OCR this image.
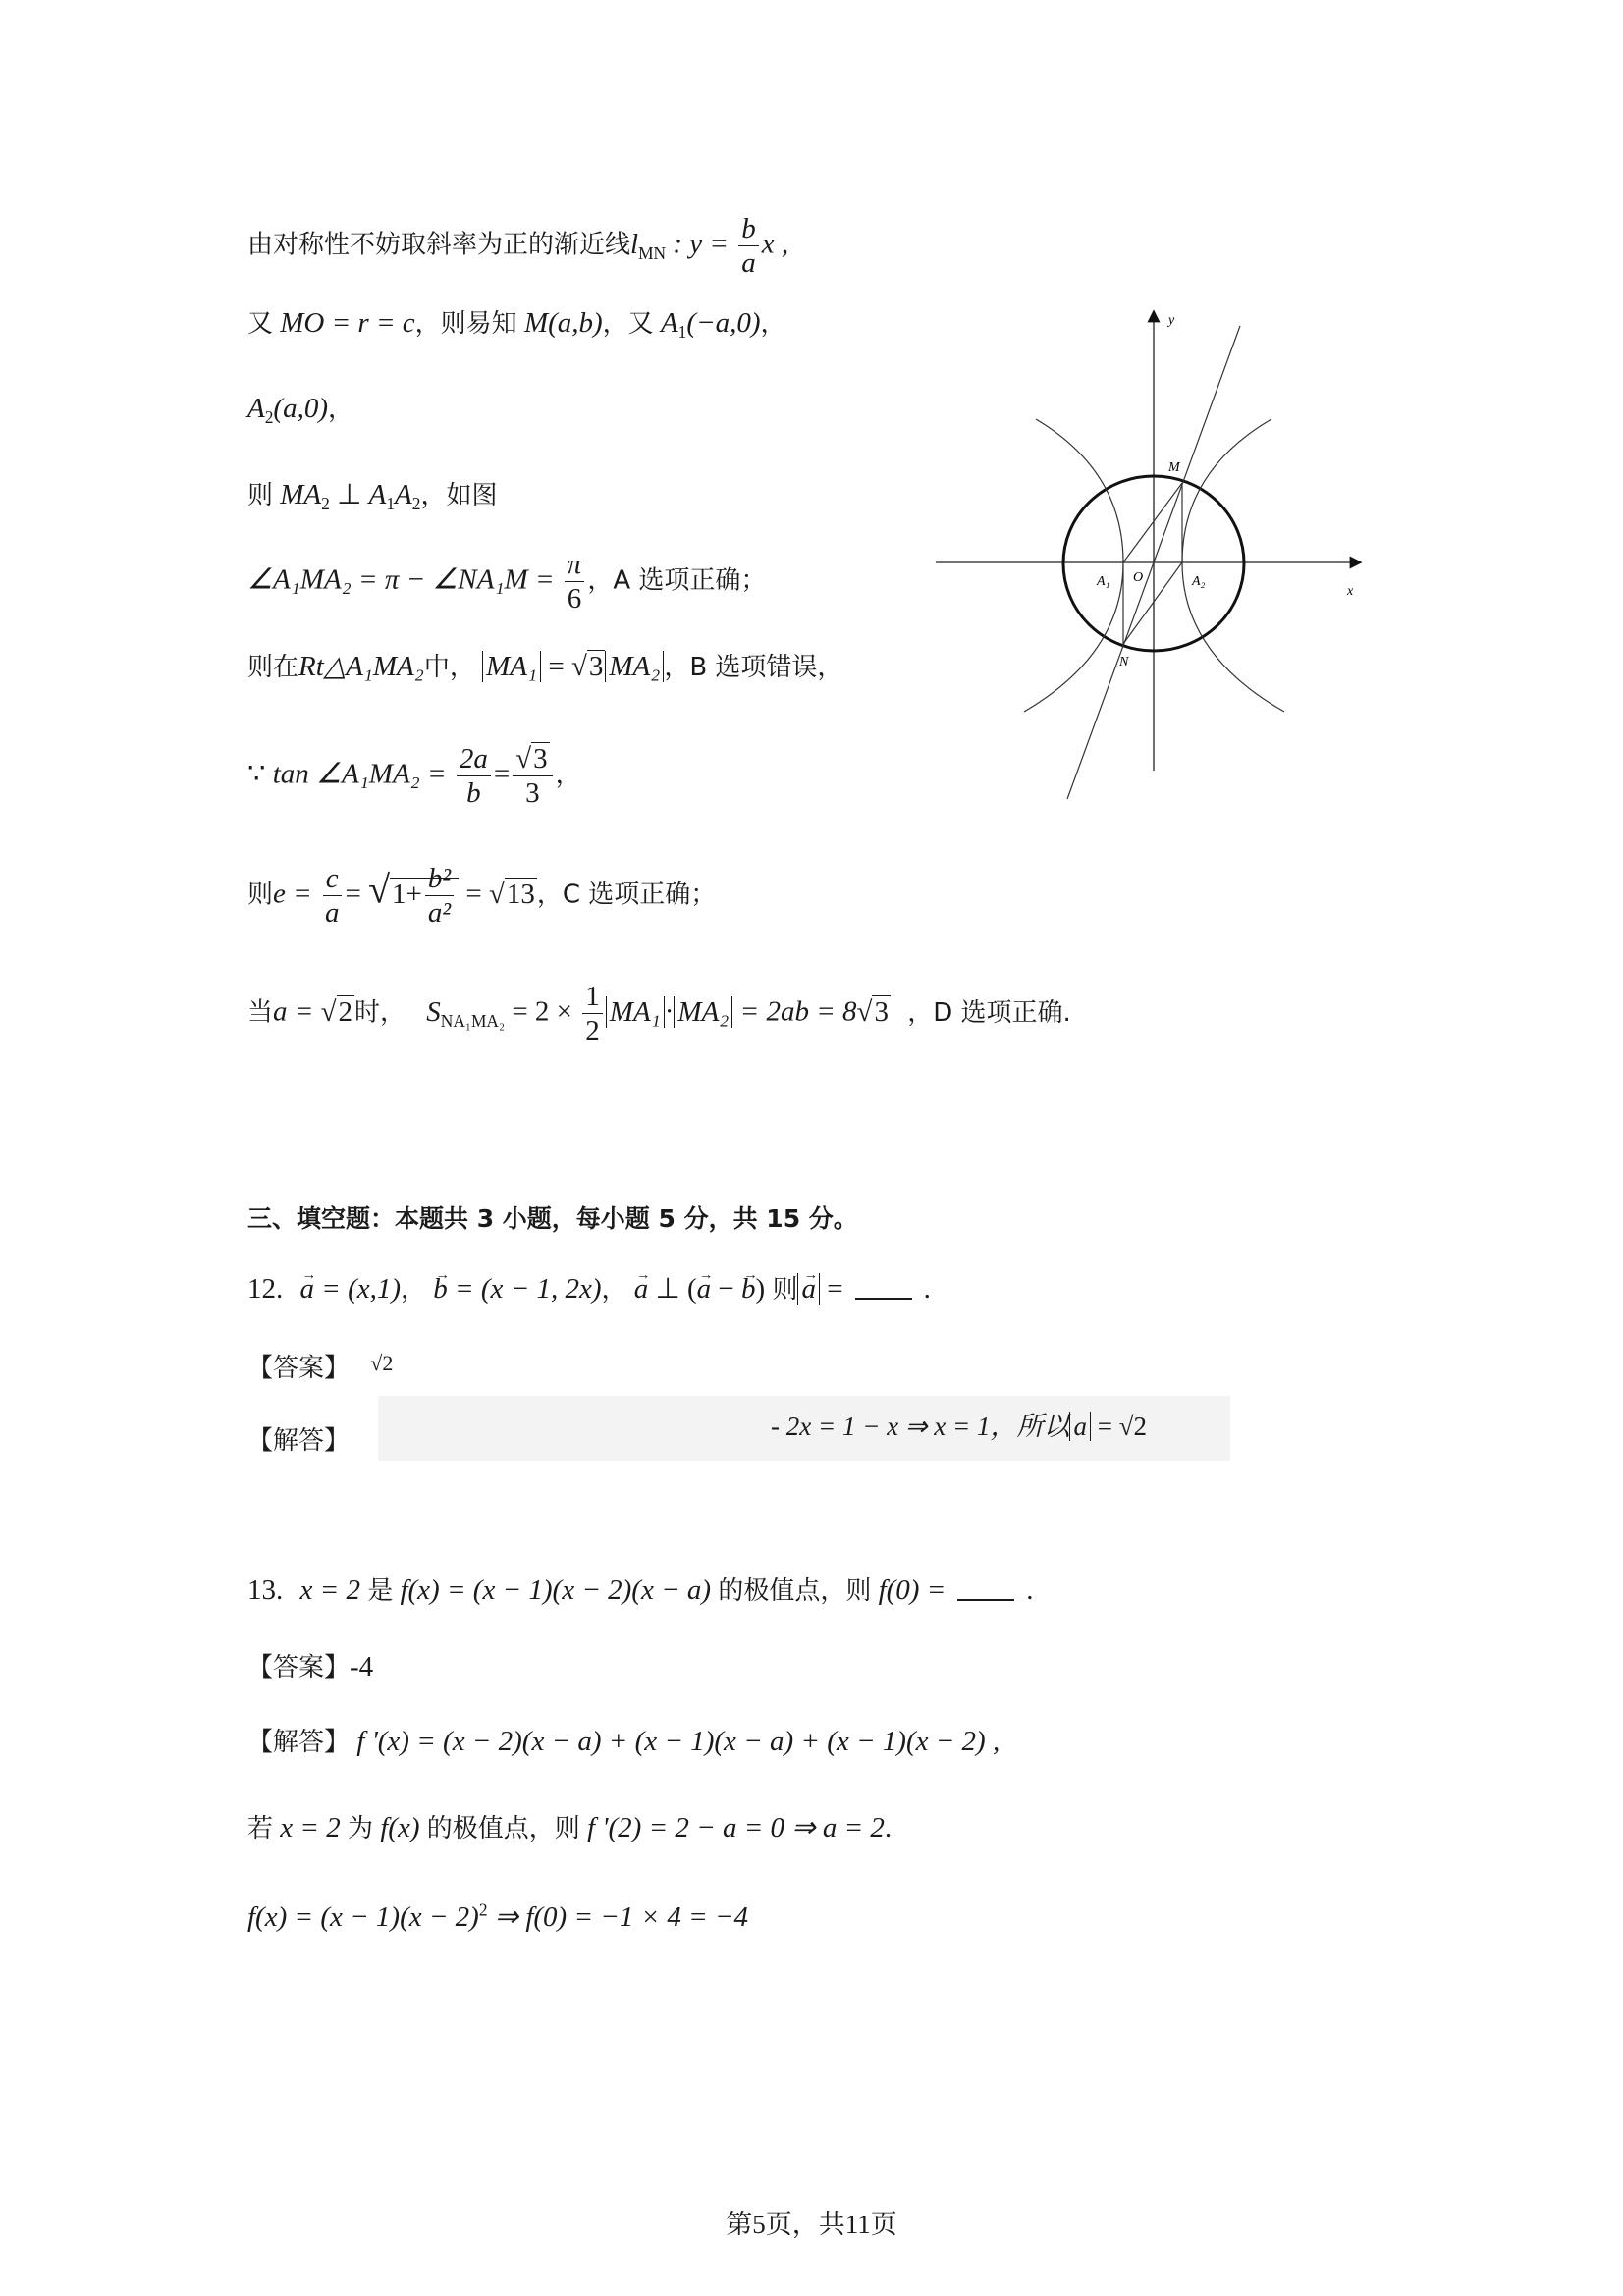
由对称性不妨取斜率为正的渐近线$l_{MN}$ : $y = \frac{b}{a}$ x ,
又 MO = r = c，则易知 M(a,b)，又 $A_1(-a,0)$，
$A_2(a,0)$，
则 $MA_2$ ⊥ $A_1A_2$，如图
∠A₁MA₂ = π − ∠NA₁M = $\frac{\pi}{6}$ ，A 选项正确；
则在Rt△A₁MA₂中， MA₁ = √3 MA₂ ，B 选项错误，
∵ tan ∠A₁MA₂ = $\frac{2a}{b} = \frac{√3}{3}$ ，
则$e = \frac{c}{a} = √1+ \frac{\text{b²}}{\text{a²}} = √13$，C 选项正确；
当a = √2时， $S_{NA_1MA_2} = 2 \times \frac{1}{2} MA_1 \cdot MA_2 = 2ab = 8√3$ ，D 选项正确.
y
x
M
N
O
A₁	A₂
三、填空题：本题共 3 小题，每小题 5 分，共 15 分。
12. → a = (x,1)， → b = (x − 1, 2x)， → a ⊥ (→ a − → b) 则 → a =	.
【答案】 $^{√2}$
【解答】	- 2x = 1 − x ⇒ x = 1，所以 a = √2
13. x = 2 是 f(x) = (x − 1)(x − 2)(x − a) 的极值点，则 f(0) =	.
【答案】-4
【解答】 f '(x) = (x − 2)(x − a) + (x − 1)(x − a) + (x − 1)(x − 2) ,
若 x = 2 为 f(x) 的极值点，则 f '(2) = 2 − a = 0 ⇒ a = 2.
$f(x) = (x - 1)(x - 2)^2$ ⇒ f(0) = −1 × 4 = −4
第5页，共11页
